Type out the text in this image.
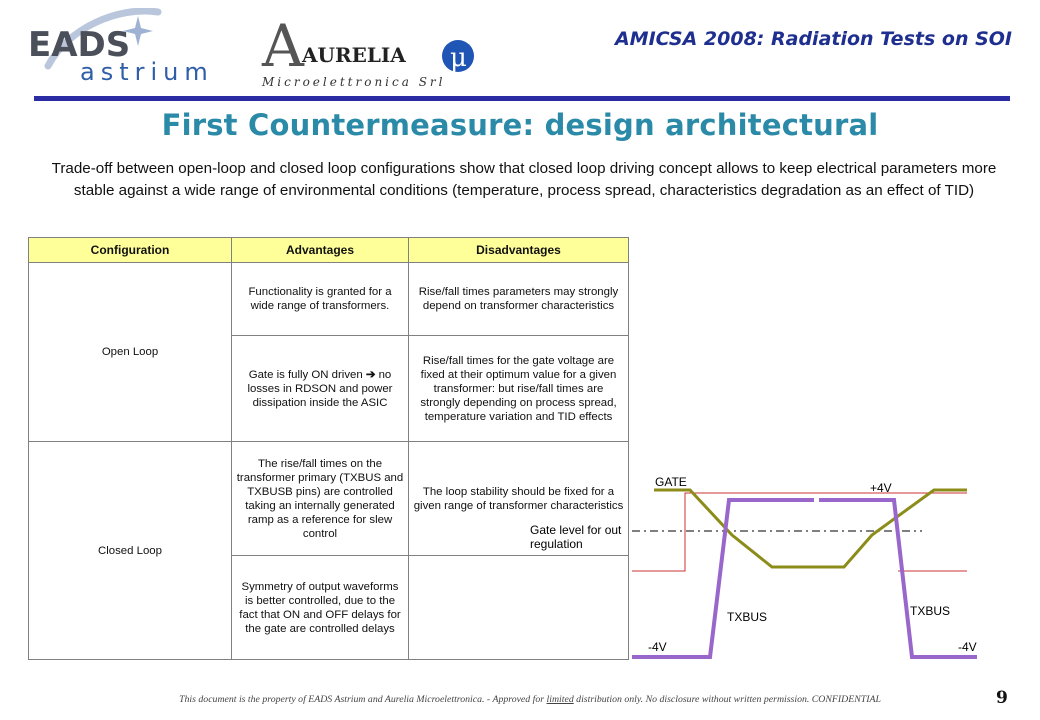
EADS
astrium A
AURELIA μ
Microelettronica Srl
AMICSA 2008: Radiation Tests on SOI
First Countermeasure: design architectural
Trade-off between open-loop and closed loop configurations show that closed loop driving concept allows to keep electrical parameters more stable against a wide range of environmental conditions (temperature, process spread, characteristics degradation as an effect of TID)
Configuration	Advantages	Disadvantages
Open Loop	Functionality is granted for a wide range of transformers.	Rise/fall times parameters may strongly depend on transformer characteristics
	Gate is fully ON driven ➔ no losses in RDSON and power dissipation inside the ASIC	Rise/fall times for the gate voltage are fixed at their optimum value for a given transformer: but rise/fall times are strongly depending on process spread, temperature variation and TID effects
Closed Loop	The rise/fall times on the transformer primary (TXBUS and TXBUSB pins) are controlled taking an internally generated ramp as a reference for slew control	The loop stability should be fixed for a given range of transformer characteristics
	Symmetry of output waveforms is better controlled, due to the fact that ON and OFF delays for the gate are controlled delays	
GATE	+4V
Gate level for out
regulation
TXBUS	TXBUS
-4V	-4V
This document is the property of EADS Astrium and Aurelia Microelettronica. - Approved for limited distribution only. No disclosure without written permission. CONFIDENTIAL	9
